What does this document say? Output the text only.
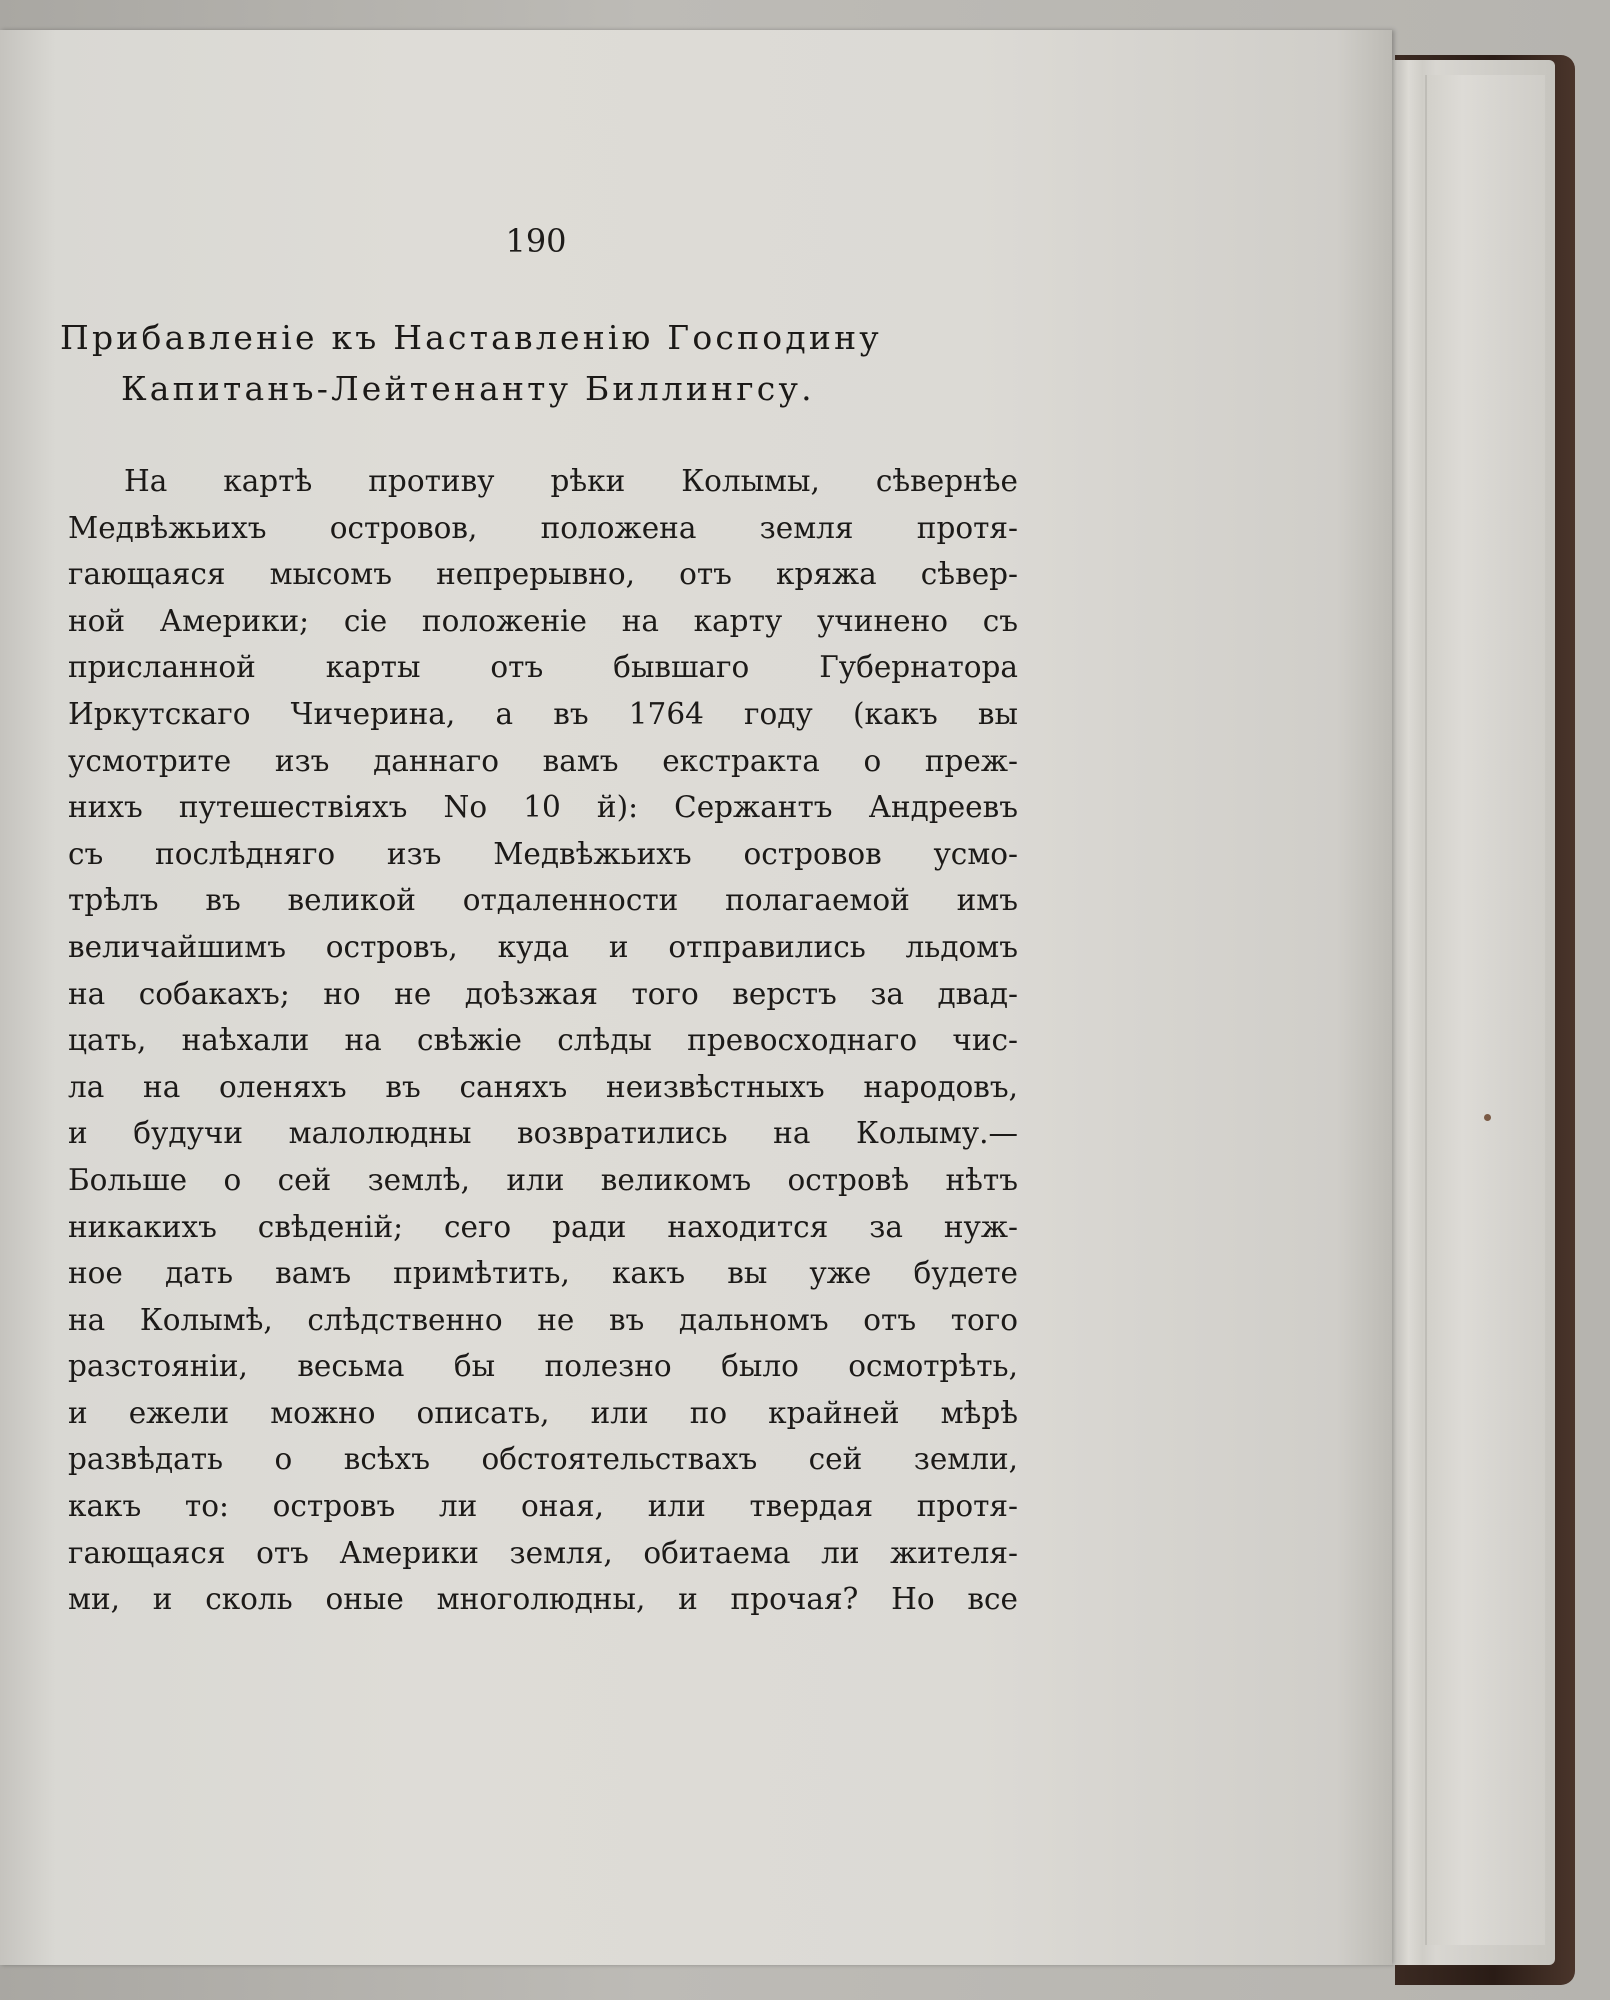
190
Прибавленіе къ Наставленію Господину
Капитанъ-Лейтенанту Биллингсу.
На картѣ противу рѣки Колымы, сѣвернѣе
Медвѣжьихъ островов, положена земля протя-
гающаяся мысомъ непрерывно, отъ кряжа сѣвер-
ной Америки; сіе положеніе на карту учинено съ
присланной карты отъ бывшаго Губернатора
Иркутскаго Чичерина, а въ 1764 году (какъ вы
усмотрите изъ даннаго вамъ екстракта о преж-
нихъ путешествіяхъ No 10 й): Сержантъ Андреевъ
съ послѣдняго изъ Медвѣжьихъ островов усмо-
трѣлъ въ великой отдаленности полагаемой имъ
величайшимъ островъ, куда и отправились льдомъ
на собакахъ; но не доѣзжая того верстъ за двад-
цать, наѣхали на свѣжіе слѣды превосходнаго чис-
ла на оленяхъ въ саняхъ неизвѣстныхъ народовъ,
и будучи малолюдны возвратились на Колыму.—
Больше о сей землѣ, или великомъ островѣ нѣтъ
никакихъ свѣденій; сего ради находится за нуж-
ное дать вамъ примѣтить, какъ вы уже будете
на Колымѣ, слѣдственно не въ дальномъ отъ того
разстояніи, весьма бы полезно было осмотрѣть,
и ежели можно описать, или по крайней мѣрѣ
развѣдать о всѣхъ обстоятельствахъ сей земли,
какъ то: островъ ли оная, или твердая протя-
гающаяся отъ Америки земля, обитаема ли жителя-
ми, и сколь оные многолюдны, и прочая? Но все
